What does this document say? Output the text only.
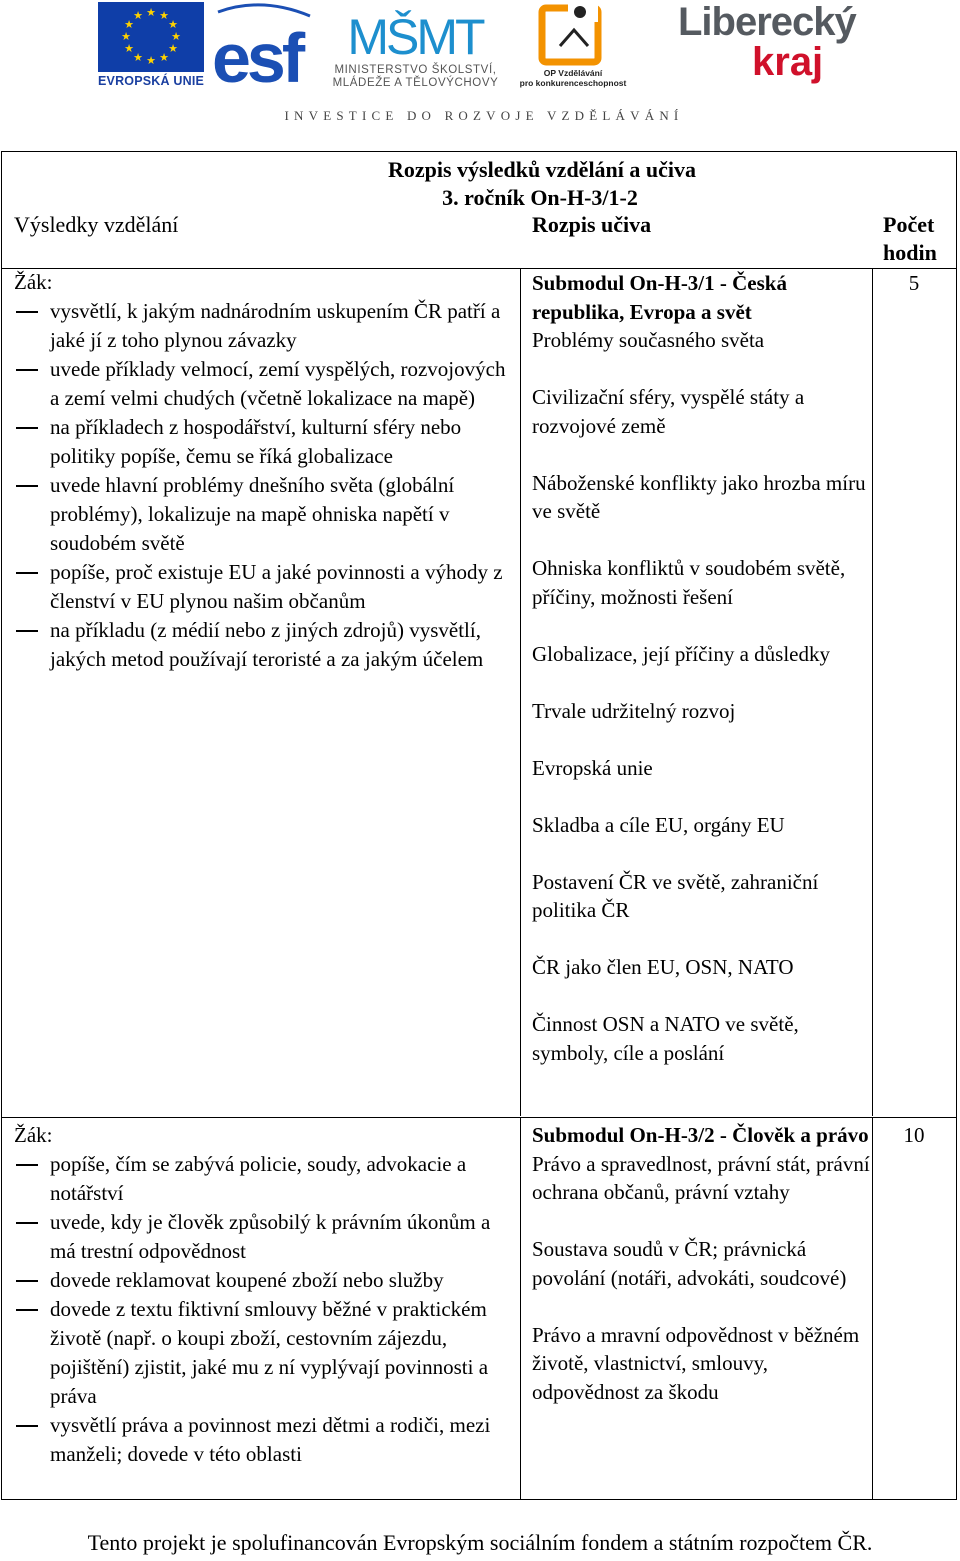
★ ★
★
★
★
★
★
★
★
★
★
★
EVROPSKÁ UNIE esf MŠMT
MINISTERSTVO ŠKOLSTVÍ,
MLÁDEŽE A TĚLOVÝCHOVY
OP Vzdělávání
pro konkurenceschopnost
Liberecký
kraj
INVESTICE DO ROZVOJE VZDĚLÁVÁNÍ
Rozpis výsledků vzdělání a učiva
3. ročník On-H-3/1-2
Výsledky vzdělání	Rozpis učiva	Počet hodin

Žák:

vysvětlí, k jakým nadnárodním uskupením ČR patří a jaké jí z toho plynou závazky

uvede příklady velmocí, zemí vyspělých, rozvojových a zemí velmi chudých (včetně lokalizace na mapě)

na příkladech z hospodářství, kulturní sféry nebo politiky popíše, čemu se říká globalizace

uvede hlavní problémy dnešního světa (globální problémy), lokalizuje na mapě ohniska napětí v soudobém světě

popíše, proč existuje EU a jaké povinnosti a výhody z členství v EU plynou našim občanům

na příkladu (z médií nebo z jiných zdrojů) vysvětlí, jakých metod používají teroristé a za jakým účelem

Submodul On-H-3/1 - Česká republika, Evropa a svět

Problémy současného světa

Civilizační sféry, vyspělé státy a rozvojové země

Náboženské konflikty jako hrozba míru ve světě

Ohniska konfliktů v soudobém světě, příčiny, možnosti řešení

Globalizace, její příčiny a důsledky

Trvale udržitelný rozvoj

Evropská unie

Skladba a cíle EU, orgány EU

Postavení ČR ve světě, zahraniční politika ČR

ČR jako člen EU, OSN, NATO

Činnost OSN a NATO ve světě, symboly, cíle a poslání

5

Žák:

popíše, čím se zabývá policie, soudy, advokacie a notářství

uvede, kdy je člověk způsobilý k právním úkonům a má trestní odpovědnost

dovede reklamovat koupené zboží nebo služby

dovede z textu fiktivní smlouvy běžné v praktickém životě (např. o koupi zboží, cestovním zájezdu, pojištění) zjistit, jaké mu z ní vyplývají povinnosti a práva

vysvětlí práva a povinnost mezi dětmi a rodiči, mezi manželi; dovede v této oblasti

Submodul On-H-3/2 - Člověk a právo

Právo a spravedlnost, právní stát, právní ochrana občanů, právní vztahy

Soustava soudů v ČR; právnická povolání (notáři, advokáti, soudcové)

Právo a mravní odpovědnost v běžném životě, vlastnictví, smlouvy, odpovědnost za škodu

10
Tento projekt je spolufinancován Evropským sociálním fondem a státním rozpočtem ČR.
